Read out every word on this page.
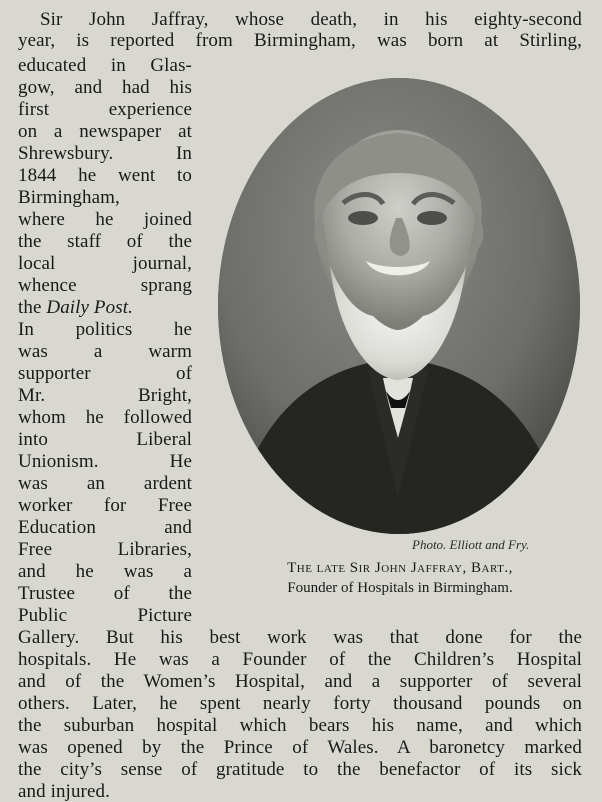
Sir John Jaffray, whose death, in his eighty-second
year, is reported from Birmingham, was born at Stirling,
educated in Glas-
gow, and had his
first experience
on a newspaper at
Shrewsbury. In
1844 he went to
Birmingham,
where he joined
the staff of the
local journal,
whence sprang
the Daily Post.
In politics he
was a warm
supporter of
Mr. Bright,
whom he followed
into Liberal
Unionism. He
was an ardent
worker for Free
Education and
Free Libraries,
and he was a
Trustee of the
Public Picture
Gallery. But his best work was that done for the
hospitals. He was a Founder of the Children’s Hospital
and of the Women’s Hospital, and a supporter of several
others. Later, he spent nearly forty thousand pounds on
the suburban hospital which bears his name, and which
was opened by the Prince of Wales. A baronetcy marked
the city’s sense of gratitude to the benefactor of its sick
and injured.
Photo. Elliott and Fry.
The late Sir John Jaffray, Bart.,
Founder of Hospitals in Birmingham.
